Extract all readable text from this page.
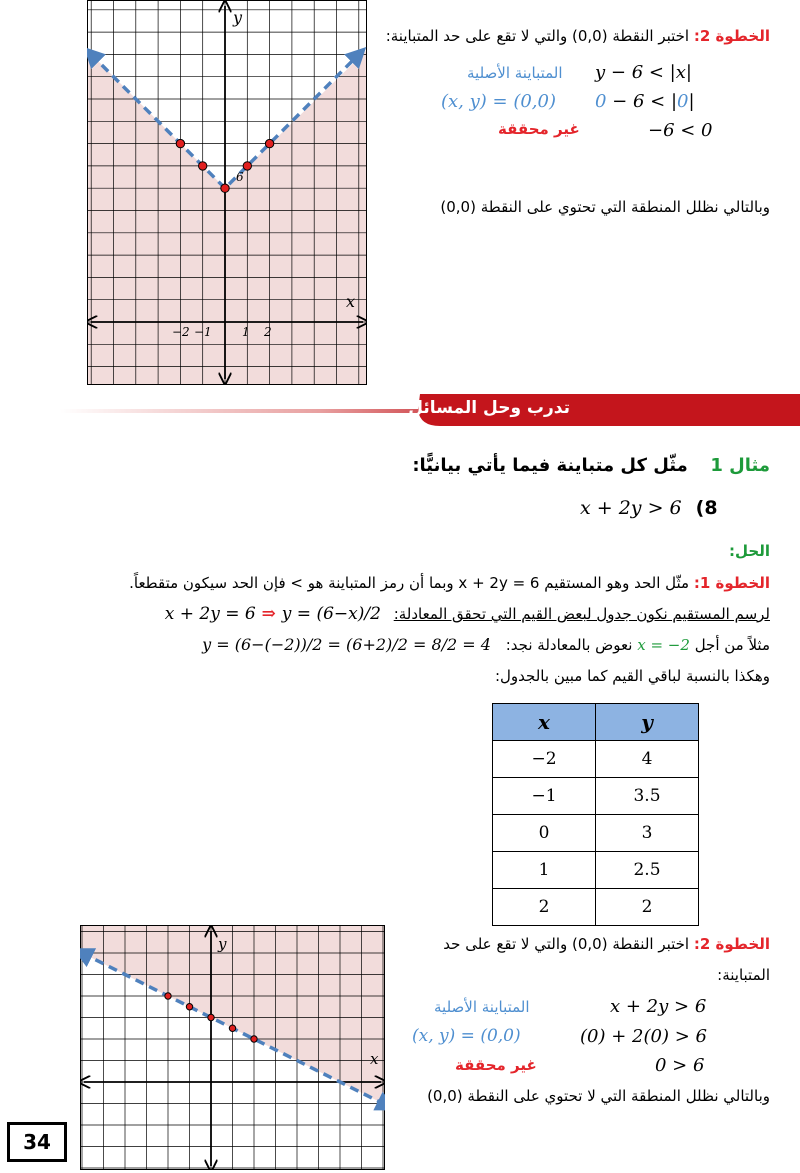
y
x
6
−2 −1	1 2
الخطوة 2: اختبر النقطة (0,0) والتي لا تقع على حد المتباينة:
المتباينة الأصلية y − 6 < |x|
(x, y) = (0,0) 0 − 6 < |0|
غير محققة	−6 < 0
وبالتالي نظلل المنطقة التي تحتوي على النقطة (0,0)
تدرب وحل المسائل
مثال 1  مثّل كل متباينة فيما يأتي بيانيًّا:
x + 2y > 6 (8
الحل:
الخطوة 1: مثّل الحد وهو المستقيم x + 2y = 6 وبما أن رمز المتباينة هو > فإن الحد سيكون متقطعاً.
لرسم المستقيم نكون جدول لبعض القيم التي تحقق المعادلة: x + 2y = 6 ⇒ y = (6−x)/2
مثلاً من أجل x = −2 نعوض بالمعادلة نجد: y = (6−(−2))/2 = (6+2)/2 = 8/2 = 4
وهكذا بالنسبة لباقي القيم كما مبين بالجدول:
x	y
−2	4
−1	3.5
0	3
1	2.5
2	2
y
x
الخطوة 2: اختبر النقطة (0,0) والتي لا تقع على حد
المتباينة:
المتباينة الأصلية	x + 2y > 6
(x, y) = (0,0)	(0) + 2(0) > 6
غير محققة	0 > 6
وبالتالي نظلل المنطقة التي لا تحتوي على النقطة (0,0)
34
